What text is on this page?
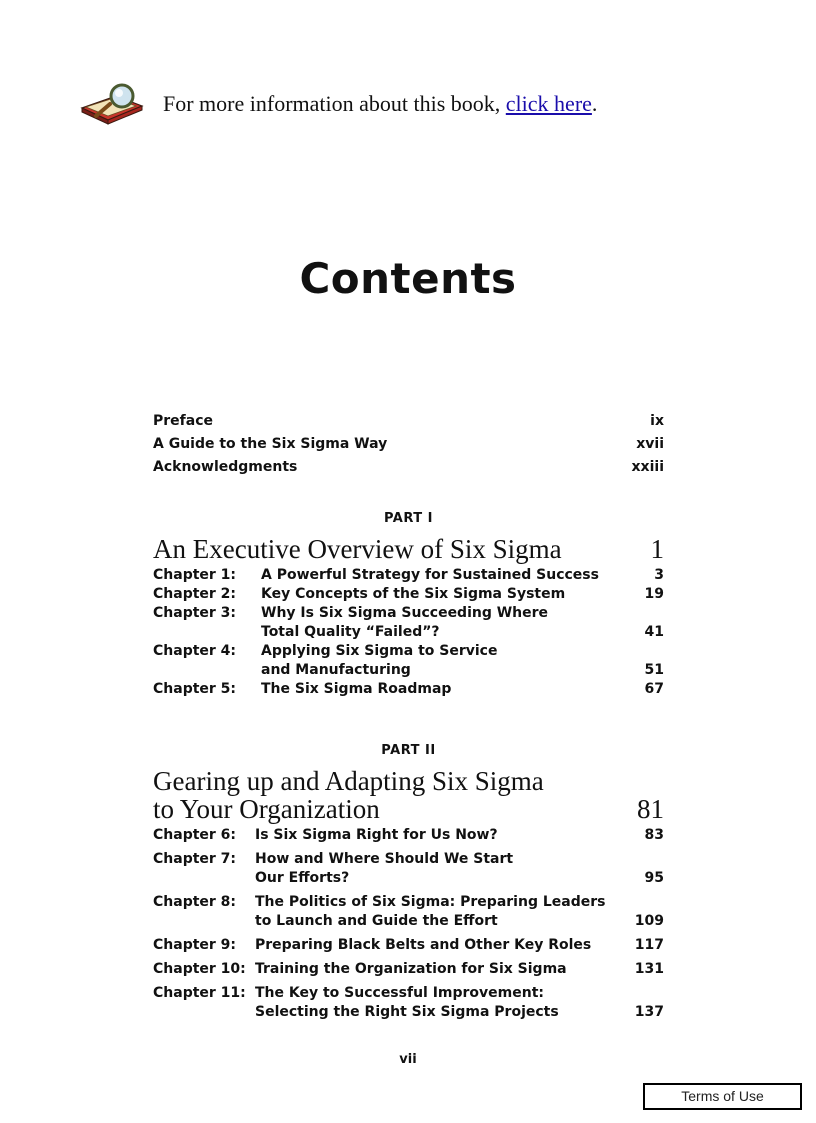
For more information about this book, click here.
Contents
Preface	ix
A Guide to the Six Sigma Way	xvii
Acknowledgments	xxiii
PART I
An Executive Overview of Six Sigma	1
Chapter 1:	A Powerful Strategy for Sustained Success	3
Chapter 2:	Key Concepts of the Six Sigma System	19
Chapter 3:	Why Is Six Sigma Succeeding Where
Total Quality “Failed”?	41
Chapter 4:	Applying Six Sigma to Service
and Manufacturing	51
Chapter 5:	The Six Sigma Roadmap	67
PART II
Gearing up and Adapting Six Sigma
to Your Organization	81
Chapter 6:	Is Six Sigma Right for Us Now?	83
Chapter 7:	How and Where Should We Start
Our Efforts?	95
Chapter 8:	The Politics of Six Sigma: Preparing Leaders
to Launch and Guide the Effort	109
Chapter 9:	Preparing Black Belts and Other Key Roles	117
Chapter 10: Training the Organization for Six Sigma	131
Chapter 11: The Key to Successful Improvement:
Selecting the Right Six Sigma Projects	137
vii
Terms of Use
